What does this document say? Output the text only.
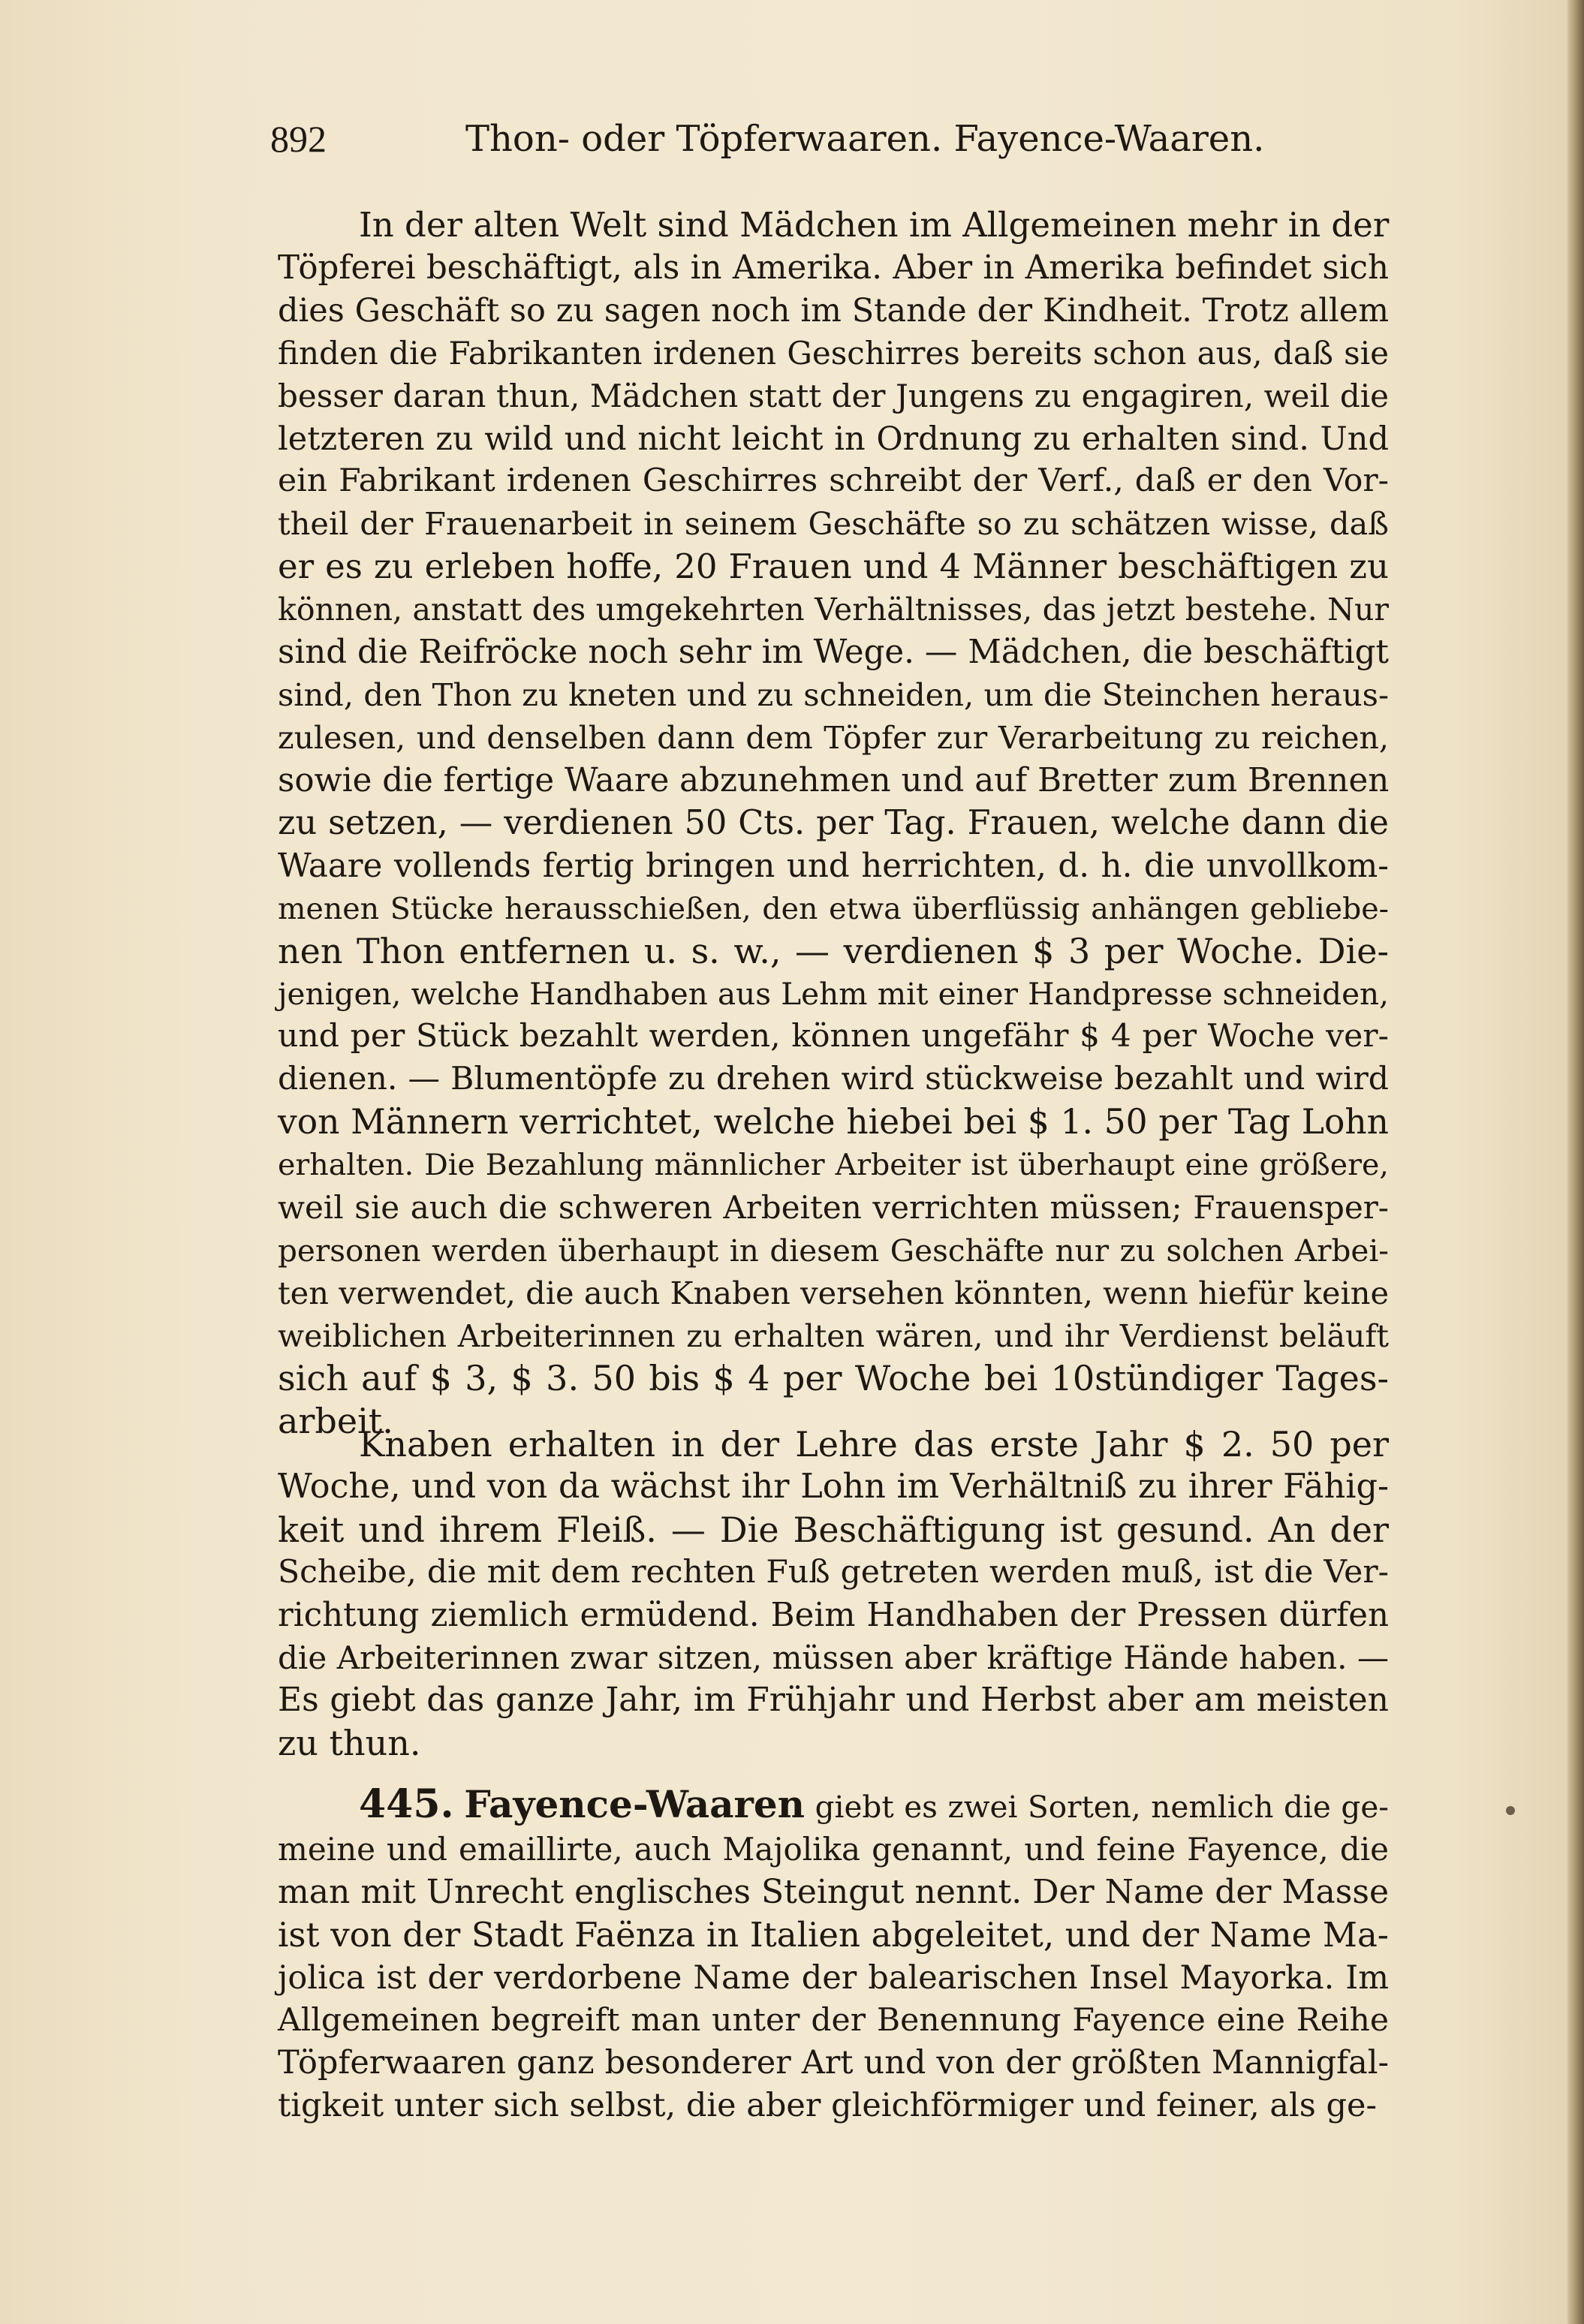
892	Thon- oder Töpferwaaren. Fayence-Waaren.
In der alten Welt sind Mädchen im Allgemeinen mehr in der
Töpferei beschäftigt, als in Amerika. Aber in Amerika befindet sich
dies Geschäft so zu sagen noch im Stande der Kindheit. Trotz allem
finden die Fabrikanten irdenen Geschirres bereits schon aus, daß sie
besser daran thun, Mädchen statt der Jungens zu engagiren, weil die
letzteren zu wild und nicht leicht in Ordnung zu erhalten sind. Und
ein Fabrikant irdenen Geschirres schreibt der Verf., daß er den Vor-
theil der Frauenarbeit in seinem Geschäfte so zu schätzen wisse, daß
er es zu erleben hoffe, 20 Frauen und 4 Männer beschäftigen zu
können, anstatt des umgekehrten Verhältnisses, das jetzt bestehe. Nur
sind die Reifröcke noch sehr im Wege. — Mädchen, die beschäftigt
sind, den Thon zu kneten und zu schneiden, um die Steinchen heraus-
zulesen, und denselben dann dem Töpfer zur Verarbeitung zu reichen,
sowie die fertige Waare abzunehmen und auf Bretter zum Brennen
zu setzen, — verdienen 50 Cts. per Tag. Frauen, welche dann die
Waare vollends fertig bringen und herrichten, d. h. die unvollkom-
menen Stücke herausschießen, den etwa überflüssig anhängen gebliebe-
nen Thon entfernen u. s. w., — verdienen $ 3 per Woche. Die-
jenigen, welche Handhaben aus Lehm mit einer Handpresse schneiden,
und per Stück bezahlt werden, können ungefähr $ 4 per Woche ver-
dienen. — Blumentöpfe zu drehen wird stückweise bezahlt und wird
von Männern verrichtet, welche hiebei bei $ 1. 50 per Tag Lohn
erhalten. Die Bezahlung männlicher Arbeiter ist überhaupt eine größere,
weil sie auch die schweren Arbeiten verrichten müssen; Frauensper-
personen werden überhaupt in diesem Geschäfte nur zu solchen Arbei-
ten verwendet, die auch Knaben versehen könnten, wenn hiefür keine
weiblichen Arbeiterinnen zu erhalten wären, und ihr Verdienst beläuft
sich auf $ 3, $ 3. 50 bis $ 4 per Woche bei 10stündiger Tages-
arbeit.
Knaben erhalten in der Lehre das erste Jahr $ 2. 50 per
Woche, und von da wächst ihr Lohn im Verhältniß zu ihrer Fähig-
keit und ihrem Fleiß. — Die Beschäftigung ist gesund. An der
Scheibe, die mit dem rechten Fuß getreten werden muß, ist die Ver-
richtung ziemlich ermüdend. Beim Handhaben der Pressen dürfen
die Arbeiterinnen zwar sitzen, müssen aber kräftige Hände haben. —
Es giebt das ganze Jahr, im Frühjahr und Herbst aber am meisten
zu thun.
445. Fayence-Waaren giebt es zwei Sorten, nemlich die ge-
meine und emaillirte, auch Majolika genannt, und feine Fayence, die
man mit Unrecht englisches Steingut nennt. Der Name der Masse
ist von der Stadt Faënza in Italien abgeleitet, und der Name Ma-
jolica ist der verdorbene Name der balearischen Insel Mayorka. Im
Allgemeinen begreift man unter der Benennung Fayence eine Reihe
Töpferwaaren ganz besonderer Art und von der größten Mannigfal-
tigkeit unter sich selbst, die aber gleichförmiger und feiner, als ge-
